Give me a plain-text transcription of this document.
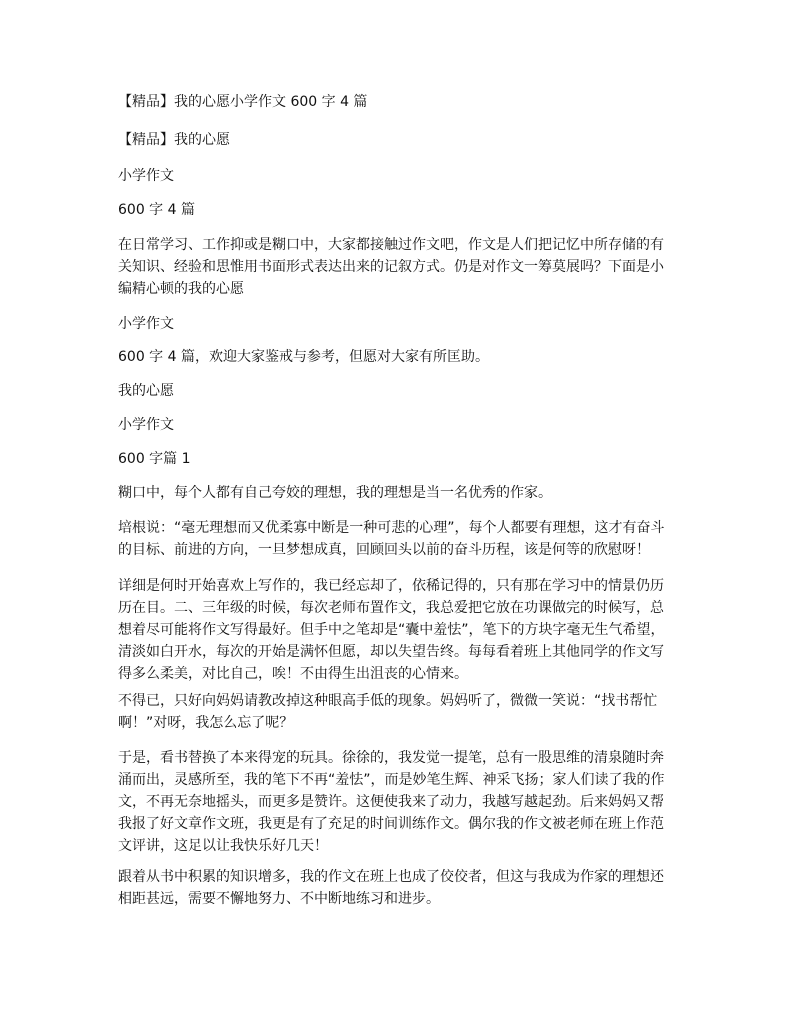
【精品】我的心愿小学作文 600 字 4 篇
【精品】我的心愿
小学作文
600 字 4 篇
在日常学习、工作抑或是糊口中，大家都接触过作文吧，作文是人们把记忆中所存储的有
关知识、经验和思惟用书面形式表达出来的记叙方式。仍是对作文一筹莫展吗？下面是小
编精心顿的我的心愿
小学作文
600 字 4 篇，欢迎大家鉴戒与参考，但愿对大家有所匡助。
我的心愿
小学作文
600 字篇 1
糊口中，每个人都有自己夸姣的理想，我的理想是当一名优秀的作家。
培根说：“毫无理想而又优柔寡中断是一种可悲的心理”，每个人都要有理想，这才有奋斗
的目标、前进的方向，一旦梦想成真，回顾回头以前的奋斗历程，该是何等的欣慰呀！
详细是何时开始喜欢上写作的，我已经忘却了，依稀记得的，只有那在学习中的情景仍历
历在目。二、三年级的时候，每次老师布置作文，我总爱把它放在功课做完的时候写，总
想着尽可能将作文写得最好。但手中之笔却是“囊中羞怯”，笔下的方块字毫无生气希望，
清淡如白开水，每次的开始是满怀但愿，却以失望告终。每每看着班上其他同学的作文写
得多么柔美，对比自己，唉！不由得生出沮丧的心情来。
不得已，只好向妈妈请教改掉这种眼高手低的现象。妈妈听了，微微一笑说：“找书帮忙
啊！”对呀，我怎么忘了呢？
于是，看书替换了本来得宠的玩具。徐徐的，我发觉一提笔，总有一股思维的清泉随时奔
涌而出，灵感所至，我的笔下不再“羞怯”，而是妙笔生辉、神采飞扬；家人们读了我的作
文，不再无奈地摇头，而更多是赞许。这便使我来了动力，我越写越起劲。后来妈妈又帮
我报了好文章作文班，我更是有了充足的时间训练作文。偶尔我的作文被老师在班上作范
文评讲，这足以让我快乐好几天！
跟着从书中积累的知识增多，我的作文在班上也成了佼佼者，但这与我成为作家的理想还
相距甚远，需要不懈地努力、不中断地练习和进步。
